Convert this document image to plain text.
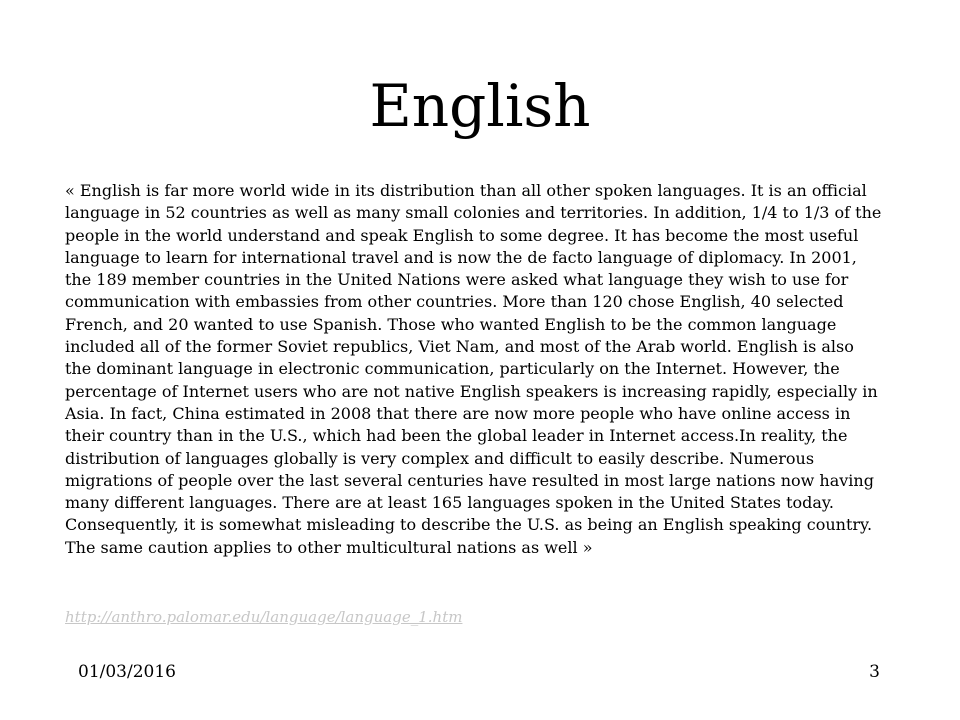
English

« English is far more world wide in its distribution than all other spoken languages. It is an official language in 52 countries as well as many small colonies and territories. In addition, 1/4 to 1/3 of the people in the world understand and speak English to some degree. It has become the most useful language to learn for international travel and is now the de facto language of diplomacy. In 2001, the 189 member countries in the United Nations were asked what language they wish to use for communication with embassies from other countries. More than 120 chose English, 40 selected French, and 20 wanted to use Spanish. Those who wanted English to be the common language included all of the former Soviet republics, Viet Nam, and most of the Arab world. English is also the dominant language in electronic communication, particularly on the Internet. However, the percentage of Internet users who are not native English speakers is increasing rapidly, especially in Asia. In fact, China estimated in 2008 that there are now more people who have online access in their country than in the U.S., which had been the global leader in Internet access.In reality, the distribution of languages globally is very complex and difficult to easily describe. Numerous migrations of people over the last several centuries have resulted in most large nations now having many different languages. There are at least 165 languages spoken in the United States today. Consequently, it is somewhat misleading to describe the U.S. as being an English speaking country. The same caution applies to other multicultural nations as well »

http://anthro.palomar.edu/language/language_1.htm
01/03/2016	3
